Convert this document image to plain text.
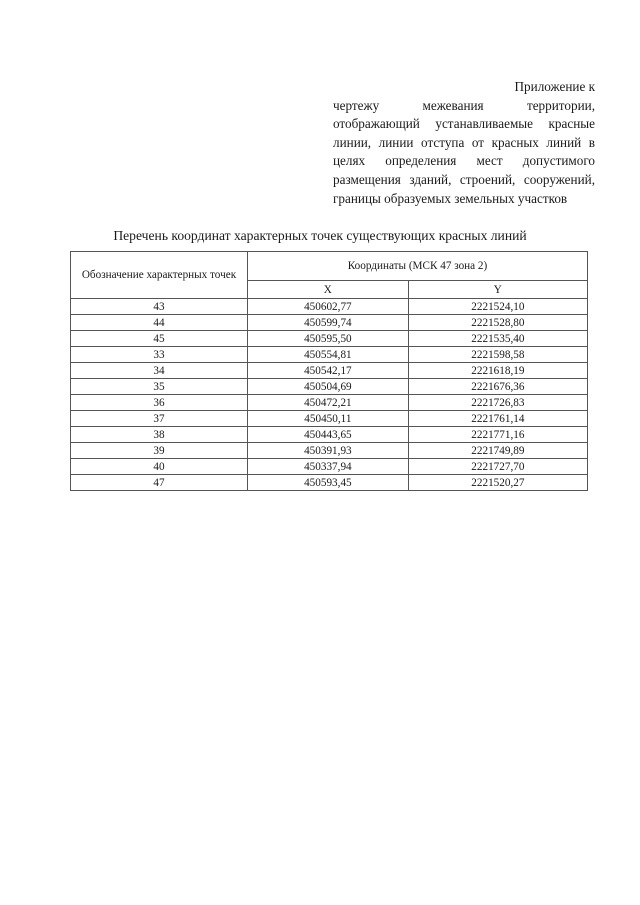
Приложение к
чертежу межевания территории, отображающий устанавливаемые красные линии, линии отступа от красных линий в целях определения мест допустимого размещения зданий, строений, сооружений, границы образуемых земельных участков
Перечень координат характерных точек существующих красных линий
Обозначение характерных точек	Координаты (МСК 47 зона 2)	
	X	Y
43	450602,77	2221524,10
44	450599,74	2221528,80
45	450595,50	2221535,40
33	450554,81	2221598,58
34	450542,17	2221618,19
35	450504,69	2221676,36
36	450472,21	2221726,83
37	450450,11	2221761,14
38	450443,65	2221771,16
39	450391,93	2221749,89
40	450337,94	2221727,70
47	450593,45	2221520,27
